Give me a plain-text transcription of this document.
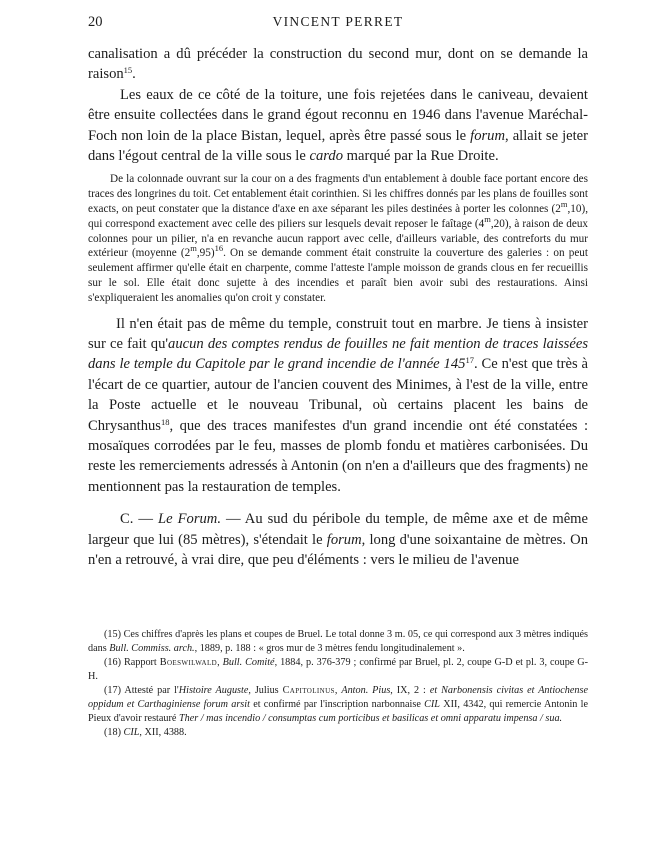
20	VINCENT PERRET

canalisation a dû précéder la construction du second mur, dont on se demande la raison$^{15}$.

Les eaux de ce côté de la toiture, une fois rejetées dans le caniveau, devaient être ensuite collectées dans le grand égout reconnu en 1946 dans l'avenue Maréchal-Foch non loin de la place Bistan, lequel, après être passé sous le forum, allait se jeter dans l'égout central de la ville sous le cardo marqué par la Rue Droite.

De la colonnade ouvrant sur la cour on a des fragments d'un entablement à double face portant encore des traces des longrines du toit. Cet entablement était corinthien. Si les chiffres donnés par les plans de fouilles sont exacts, on peut constater que la distance d'axe en axe séparant les piles destinées à porter les colonnes (2$^m$,10), qui correspond exactement avec celle des piliers sur lesquels devait reposer le faîtage (4$^m$,20), à raison de deux colonnes pour un pilier, n'a en revanche aucun rapport avec celle, d'ailleurs variable, des contreforts du mur extérieur (moyenne $(2^m,95)^{16}$. On se demande comment était construite la couverture des galeries : on peut seulement affirmer qu'elle était en charpente, comme l'atteste l'ample moisson de grands clous en fer recueillis sur le sol. Elle était donc sujette à des incendies et paraît bien avoir subi des restaurations. Ainsi s'expliqueraient les anomalies qu'on croit y constater.

Il n'en était pas de même du temple, construit tout en marbre. Je tiens à insister sur ce fait qu'aucun des comptes rendus de fouilles ne fait mention de traces laissées dans le temple du Capitole par le grand incendie de l'année $145^{17}$. Ce n'est que très à l'écart de ce quartier, autour de l'ancien couvent des Minimes, à l'est de la ville, entre la Poste actuelle et le nouveau Tribunal, où certains placent les bains de Chrysanthus$^{18}$, que des traces manifestes d'un grand incendie ont été constatées : mosaïques corrodées par le feu, masses de plomb fondu et matières carbonisées. Du reste les remerciements adressés à Antonin (on n'en a d'ailleurs que des fragments) ne mentionnent pas la restauration de temples.

C. — Le Forum. — Au sud du péribole du temple, de même axe et de même largeur que lui (85 mètres), s'étendait le forum, long d'une soixantaine de mètres. On n'en a retrouvé, à vrai dire, que peu d'éléments : vers le milieu de l'avenue

(15) Ces chiffres d'après les plans et coupes de Bruel. Le total donne 3 m. 05, ce qui correspond aux 3 mètres indiqués dans Bull. Commiss. arch., 1889, p. 188 : « gros mur de 3 mètres fendu longitudinalement ».

(16) Rapport Boeswilwald, Bull. Comité, 1884, p. 376-379 ; confirmé par Bruel, pl. 2, coupe G-D et pl. 3, coupe G-H.

(17) Attesté par l'Histoire Auguste, Julius Capitolinus, Anton. Pius, IX, 2 : et Narbonensis civitas et Antiochense oppidum et Carthaginiense forum arsit et confirmé par l'inscription narbonnaise CIL XII, 4342, qui remercie Antonin le Pieux d'avoir restauré Ther / mas incendio / consumptas cum porticibus et basilicas et omni apparatu impensa / sua.

(18) CIL, XII, 4388.
